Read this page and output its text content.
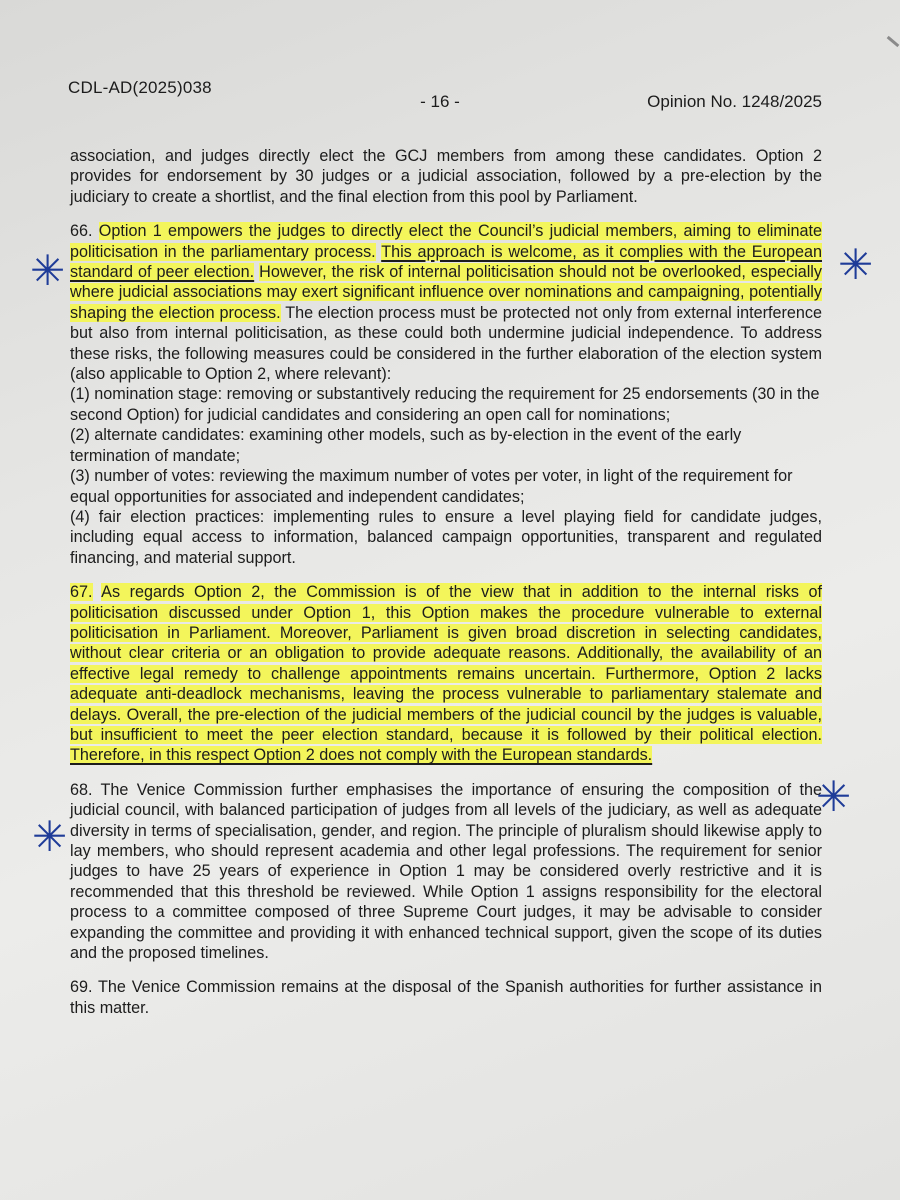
CDL-AD(2025)038
- 16 -	Opinion No. 1248/2025

association, and judges directly elect the GCJ members from among these candidates. Option 2 provides for endorsement by 30 judges or a judicial association, followed by a pre-election by the judiciary to create a shortlist, and the final election from this pool by Parliament.

66. Option 1 empowers the judges to directly elect the Council’s judicial members, aiming to eliminate politicisation in the parliamentary process. This approach is welcome, as it complies with the European standard of peer election. However, the risk of internal politicisation should not be overlooked, especially where judicial associations may exert significant influence over nominations and campaigning, potentially shaping the election process. The election process must be protected not only from external interference but also from internal politicisation, as these could both undermine judicial independence. To address these risks, the following measures could be considered in the further elaboration of the election system (also applicable to Option 2, where relevant):

(1) nomination stage: removing or substantively reducing the requirement for 25 endorsements (30 in the second Option) for judicial candidates and considering an open call for nominations;

(2) alternate candidates: examining other models, such as by-election in the event of the early termination of mandate;

(3) number of votes: reviewing the maximum number of votes per voter, in light of the requirement for equal opportunities for associated and independent candidates;

(4) fair election practices: implementing rules to ensure a level playing field for candidate judges, including equal access to information, balanced campaign opportunities, transparent and regulated financing, and material support.

67. As regards Option 2, the Commission is of the view that in addition to the internal risks of politicisation discussed under Option 1, this Option makes the procedure vulnerable to external politicisation in Parliament. Moreover, Parliament is given broad discretion in selecting candidates, without clear criteria or an obligation to provide adequate reasons. Additionally, the availability of an effective legal remedy to challenge appointments remains uncertain. Furthermore, Option 2 lacks adequate anti-deadlock mechanisms, leaving the process vulnerable to parliamentary stalemate and delays. Overall, the pre-election of the judicial members of the judicial council by the judges is valuable, but insufficient to meet the peer election standard, because it is followed by their political election. Therefore, in this respect Option 2 does not comply with the European standards.

68. The Venice Commission further emphasises the importance of ensuring the composition of the judicial council, with balanced participation of judges from all levels of the judiciary, as well as adequate diversity in terms of specialisation, gender, and region. The principle of pluralism should likewise apply to lay members, who should represent academia and other legal professions. The requirement for senior judges to have 25 years of experience in Option 1 may be considered overly restrictive and it is recommended that this threshold be reviewed. While Option 1 assigns responsibility for the electoral process to a committee composed of three Supreme Court judges, it may be advisable to consider expanding the committee and providing it with enhanced technical support, given the scope of its duties and the proposed timelines.

69. The Venice Commission remains at the disposal of the Spanish authorities for further assistance in this matter.

✳	✳
✳
✳
